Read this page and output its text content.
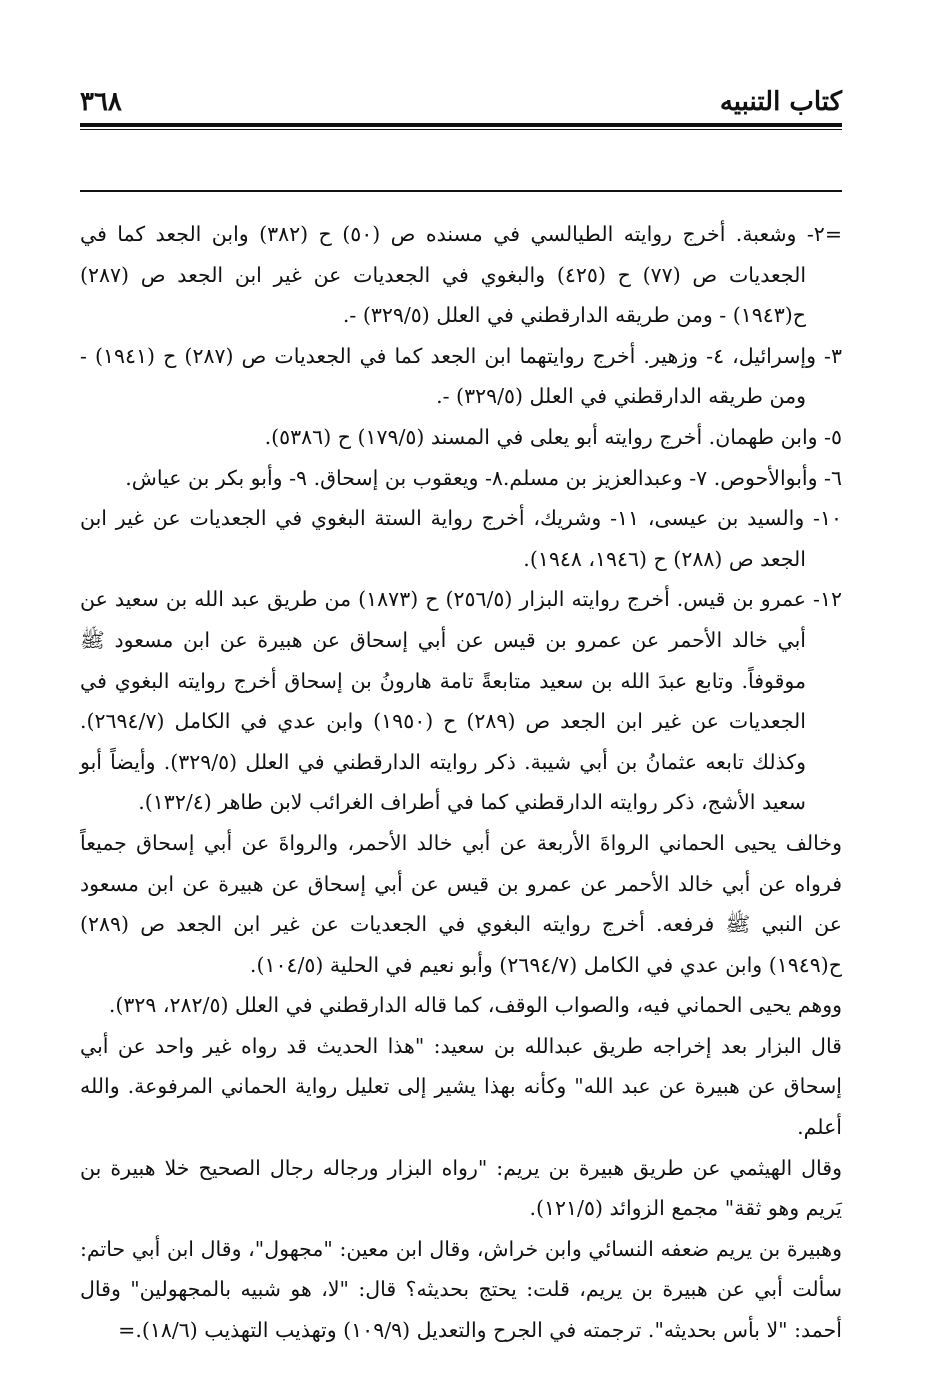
كتاب التنبيه
٣٦٨

=٢- وشعبة. أخرج روايته الطيالسي في مسنده ص (٥٠) ح (٣٨٢) وابن الجعد كما في الجعديات ص (٧٧) ح (٤٢٥) والبغوي في الجعديات عن غير ابن الجعد ص (٢٨٧) ح(١٩٤٣) - ومن طريقه الدارقطني في العلل (٣٢٩/٥) -.

٣- وإسرائيل، ٤- وزهير. أخرج روايتهما ابن الجعد كما في الجعديات ص (٢٨٧) ح (١٩٤١) - ومن طريقه الدارقطني في العلل (٣٢٩/٥) -.

٥- وابن طهمان. أخرج روايته أبو يعلى في المسند (١٧٩/٥) ح (٥٣٨٦).

٦- وأبوالأحوص. ٧- وعبدالعزيز بن مسلم.٨- ويعقوب بن إسحاق. ٩- وأبو بكر بن عياش.

١٠- والسيد بن عيسى، ١١- وشريك، أخرج رواية الستة البغوي في الجعديات عن غير ابن الجعد ص (٢٨٨) ح (١٩٤٦، ١٩٤٨).

١٢- عمرو بن قيس. أخرج روايته البزار (٢٥٦/٥) ح (١٨٧٣) من طريق عبد الله بن سعيد عن أبي خالد الأحمر عن عمرو بن قيس عن أبي إسحاق عن هبيرة عن ابن مسعود ﷺ موقوفاً. وتابع عبدَ الله بن سعيد متابعةً تامة هارونُ بن إسحاق أخرج روايته البغوي في الجعديات عن غير ابن الجعد ص (٢٨٩) ح (١٩٥٠) وابن عدي في الكامل (٢٦٩٤/٧). وكذلك تابعه عثمانُ بن أبي شيبة. ذكر روايته الدارقطني في العلل (٣٢٩/٥). وأيضاً أبو سعيد الأشج، ذكر روايته الدارقطني كما في أطراف الغرائب لابن طاهر (١٣٢/٤).

وخالف يحيى الحماني الرواةَ الأربعة عن أبي خالد الأحمر، والرواةَ عن أبي إسحاق جميعاً فرواه عن أبي خالد الأحمر عن عمرو بن قيس عن أبي إسحاق عن هبيرة عن ابن مسعود عن النبي ﷺ فرفعه. أخرج روايته البغوي في الجعديات عن غير ابن الجعد ص (٢٨٩) ح(١٩٤٩) وابن عدي في الكامل (٢٦٩٤/٧) وأبو نعيم في الحلية (١٠٤/٥).

ووهم يحيى الحماني فيه، والصواب الوقف، كما قاله الدارقطني في العلل (٢٨٢/٥، ٣٢٩).

قال البزار بعد إخراجه طريق عبدالله بن سعيد: "هذا الحديث قد رواه غير واحد عن أبي إسحاق عن هبيرة عن عبد الله" وكأنه بهذا يشير إلى تعليل رواية الحماني المرفوعة. والله أعلم.

وقال الهيثمي عن طريق هبيرة بن يريم: "رواه البزار ورجاله رجال الصحيح خلا هبيرة بن يَريم وهو ثقة" مجمع الزوائد (١٢١/٥).

وهبيرة بن يريم ضعفه النسائي وابن خراش، وقال ابن معين: "مجهول"، وقال ابن أبي حاتم: سألت أبي عن هبيرة بن يريم، قلت: يحتج بحديثه؟ قال: "لا، هو شبيه بالمجهولين" وقال أحمد: "لا بأس بحديثه". ترجمته في الجرح والتعديل (١٠٩/٩) وتهذيب التهذيب (١٨/٦).=
